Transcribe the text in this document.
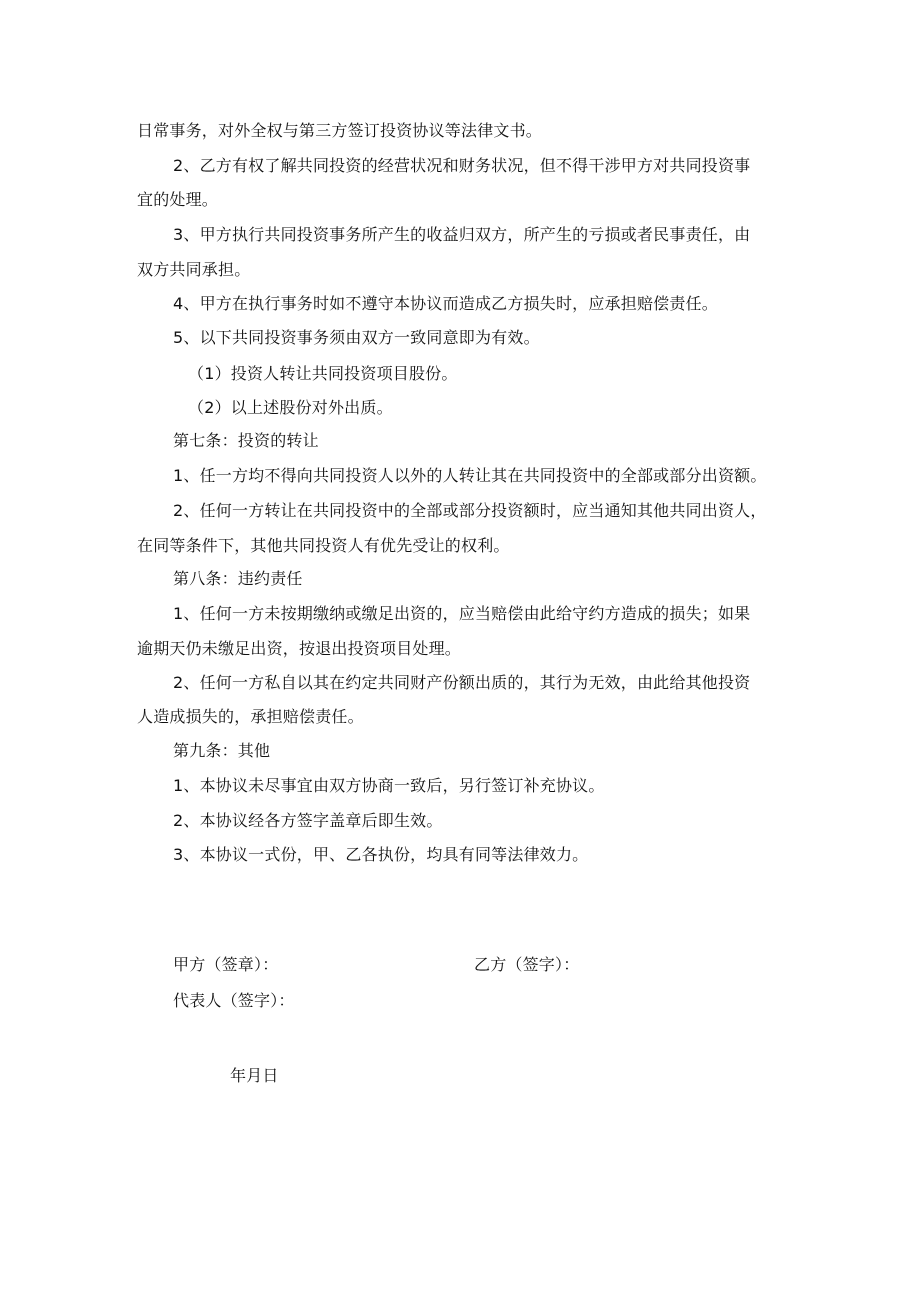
日常事务，对外全权与第三方签订投资协议等法律文书。
2、乙方有权了解共同投资的经营状况和财务状况，但不得干涉甲方对共同投资事
宜的处理。
3、甲方执行共同投资事务所产生的收益归双方，所产生的亏损或者民事责任，由
双方共同承担。
4、甲方在执行事务时如不遵守本协议而造成乙方损失时，应承担赔偿责任。
5、以下共同投资事务须由双方一致同意即为有效。
（1）投资人转让共同投资项目股份。
（2）以上述股份对外出质。
第七条：投资的转让
1、任一方均不得向共同投资人以外的人转让其在共同投资中的全部或部分出资额。
2、任何一方转让在共同投资中的全部或部分投资额时，应当通知其他共同出资人，
在同等条件下，其他共同投资人有优先受让的权利。
第八条：违约责任
1、任何一方未按期缴纳或缴足出资的，应当赔偿由此给守约方造成的损失；如果
逾期天仍未缴足出资，按退出投资项目处理。
2、任何一方私自以其在约定共同财产份额出质的，其行为无效，由此给其他投资
人造成损失的，承担赔偿责任。
第九条：其他
1、本协议未尽事宜由双方协商一致后，另行签订补充协议。
2、本协议经各方签字盖章后即生效。
3、本协议一式份，甲、乙各执份，均具有同等法律效力。
甲方（签章）：	乙方（签字）：
代表人（签字）：
年月日
